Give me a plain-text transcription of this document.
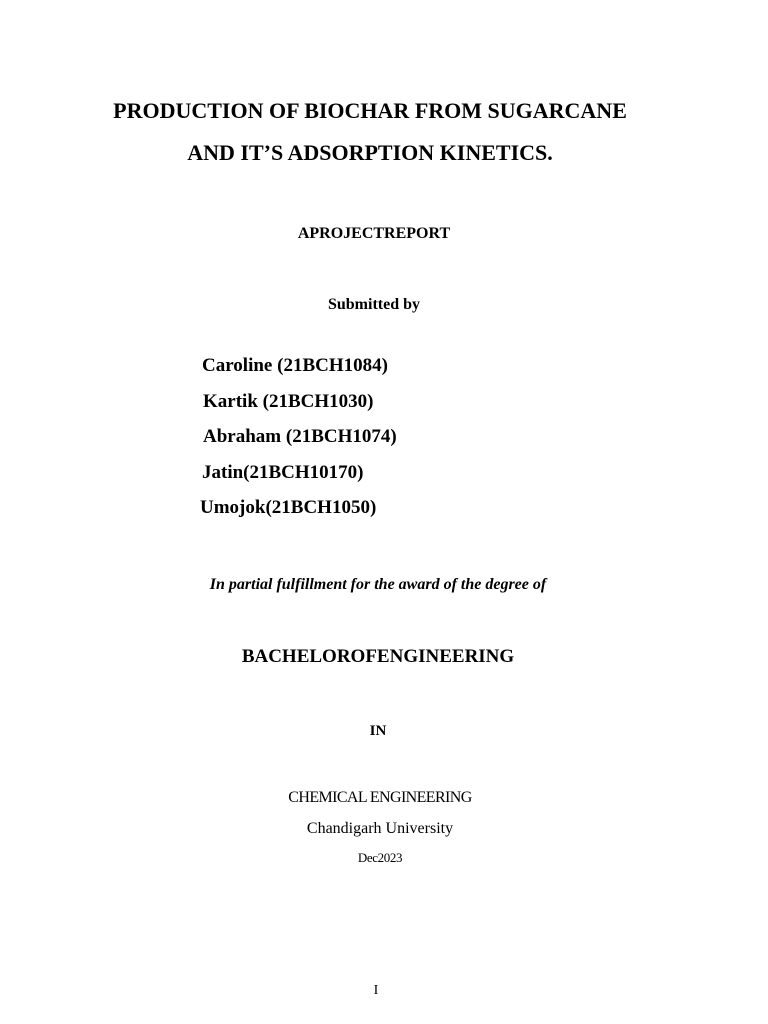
PRODUCTION OF BIOCHAR FROM SUGARCANE
AND IT’S ADSORPTION KINETICS.
APROJECTREPORT
Submitted by
Caroline (21BCH1084)
Kartik (21BCH1030)
Abraham (21BCH1074)
Jatin(21BCH10170)
Umojok(21BCH1050)
In partial fulfillment for the award of the degree of
BACHELOROFENGINEERING
IN
CHEMICAL ENGINEERING
Chandigarh University
Dec2023
I
